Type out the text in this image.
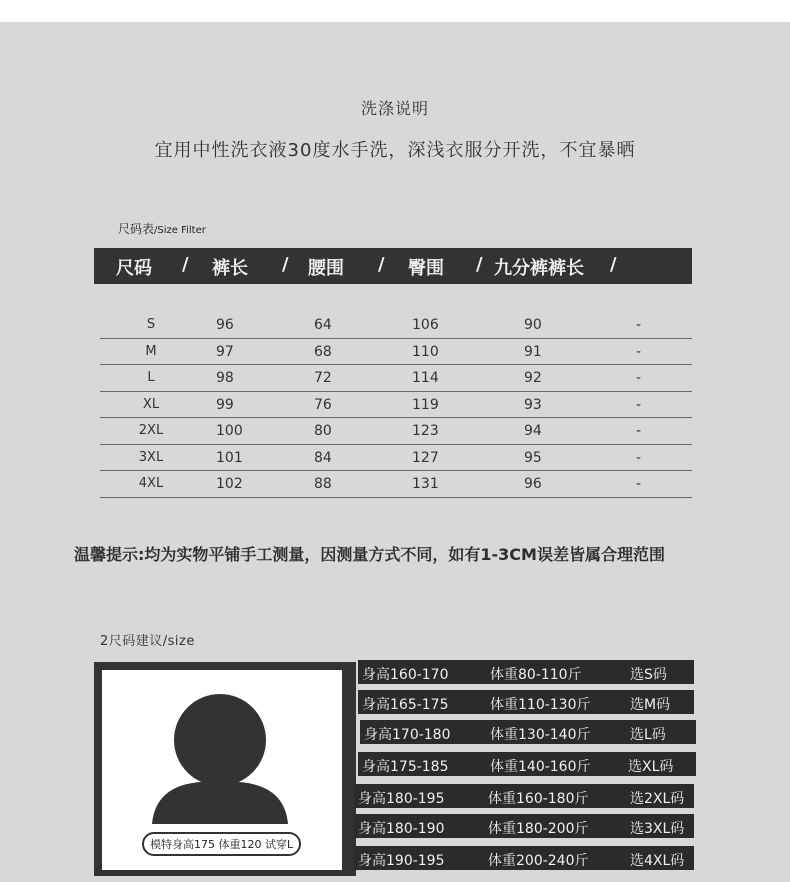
洗涤说明
宜用中性洗衣液30度水手洗，深浅衣服分开洗，不宜暴晒
尺码表/Size Filter
尺码 / 裤长 / 腰围 / 臀围 / 九分裤裤长 /
S	96	64	106	90	-
M	97	68	110	91	-
L	98	72	114	92	-
XL	99	76	119	93	-
2XL	100	80	123	94	-
3XL	101	84	127	95	-
4XL	102	88	131	96	-
温馨提示:均为实物平铺手工测量，因测量方式不同，如有1-3CM误差皆属合理范围
2尺码建议/size
模特身高175 体重120 试穿L
身高160-170	体重80-110斤	选S码
身高165-175	体重110-130斤	选M码
身高170-180	体重130-140斤	选L码
身高175-185	体重140-160斤	选XL码
身高180-195	体重160-180斤	选2XL码
身高180-190	体重180-200斤	选3XL码
身高190-195	体重200-240斤	选4XL码
